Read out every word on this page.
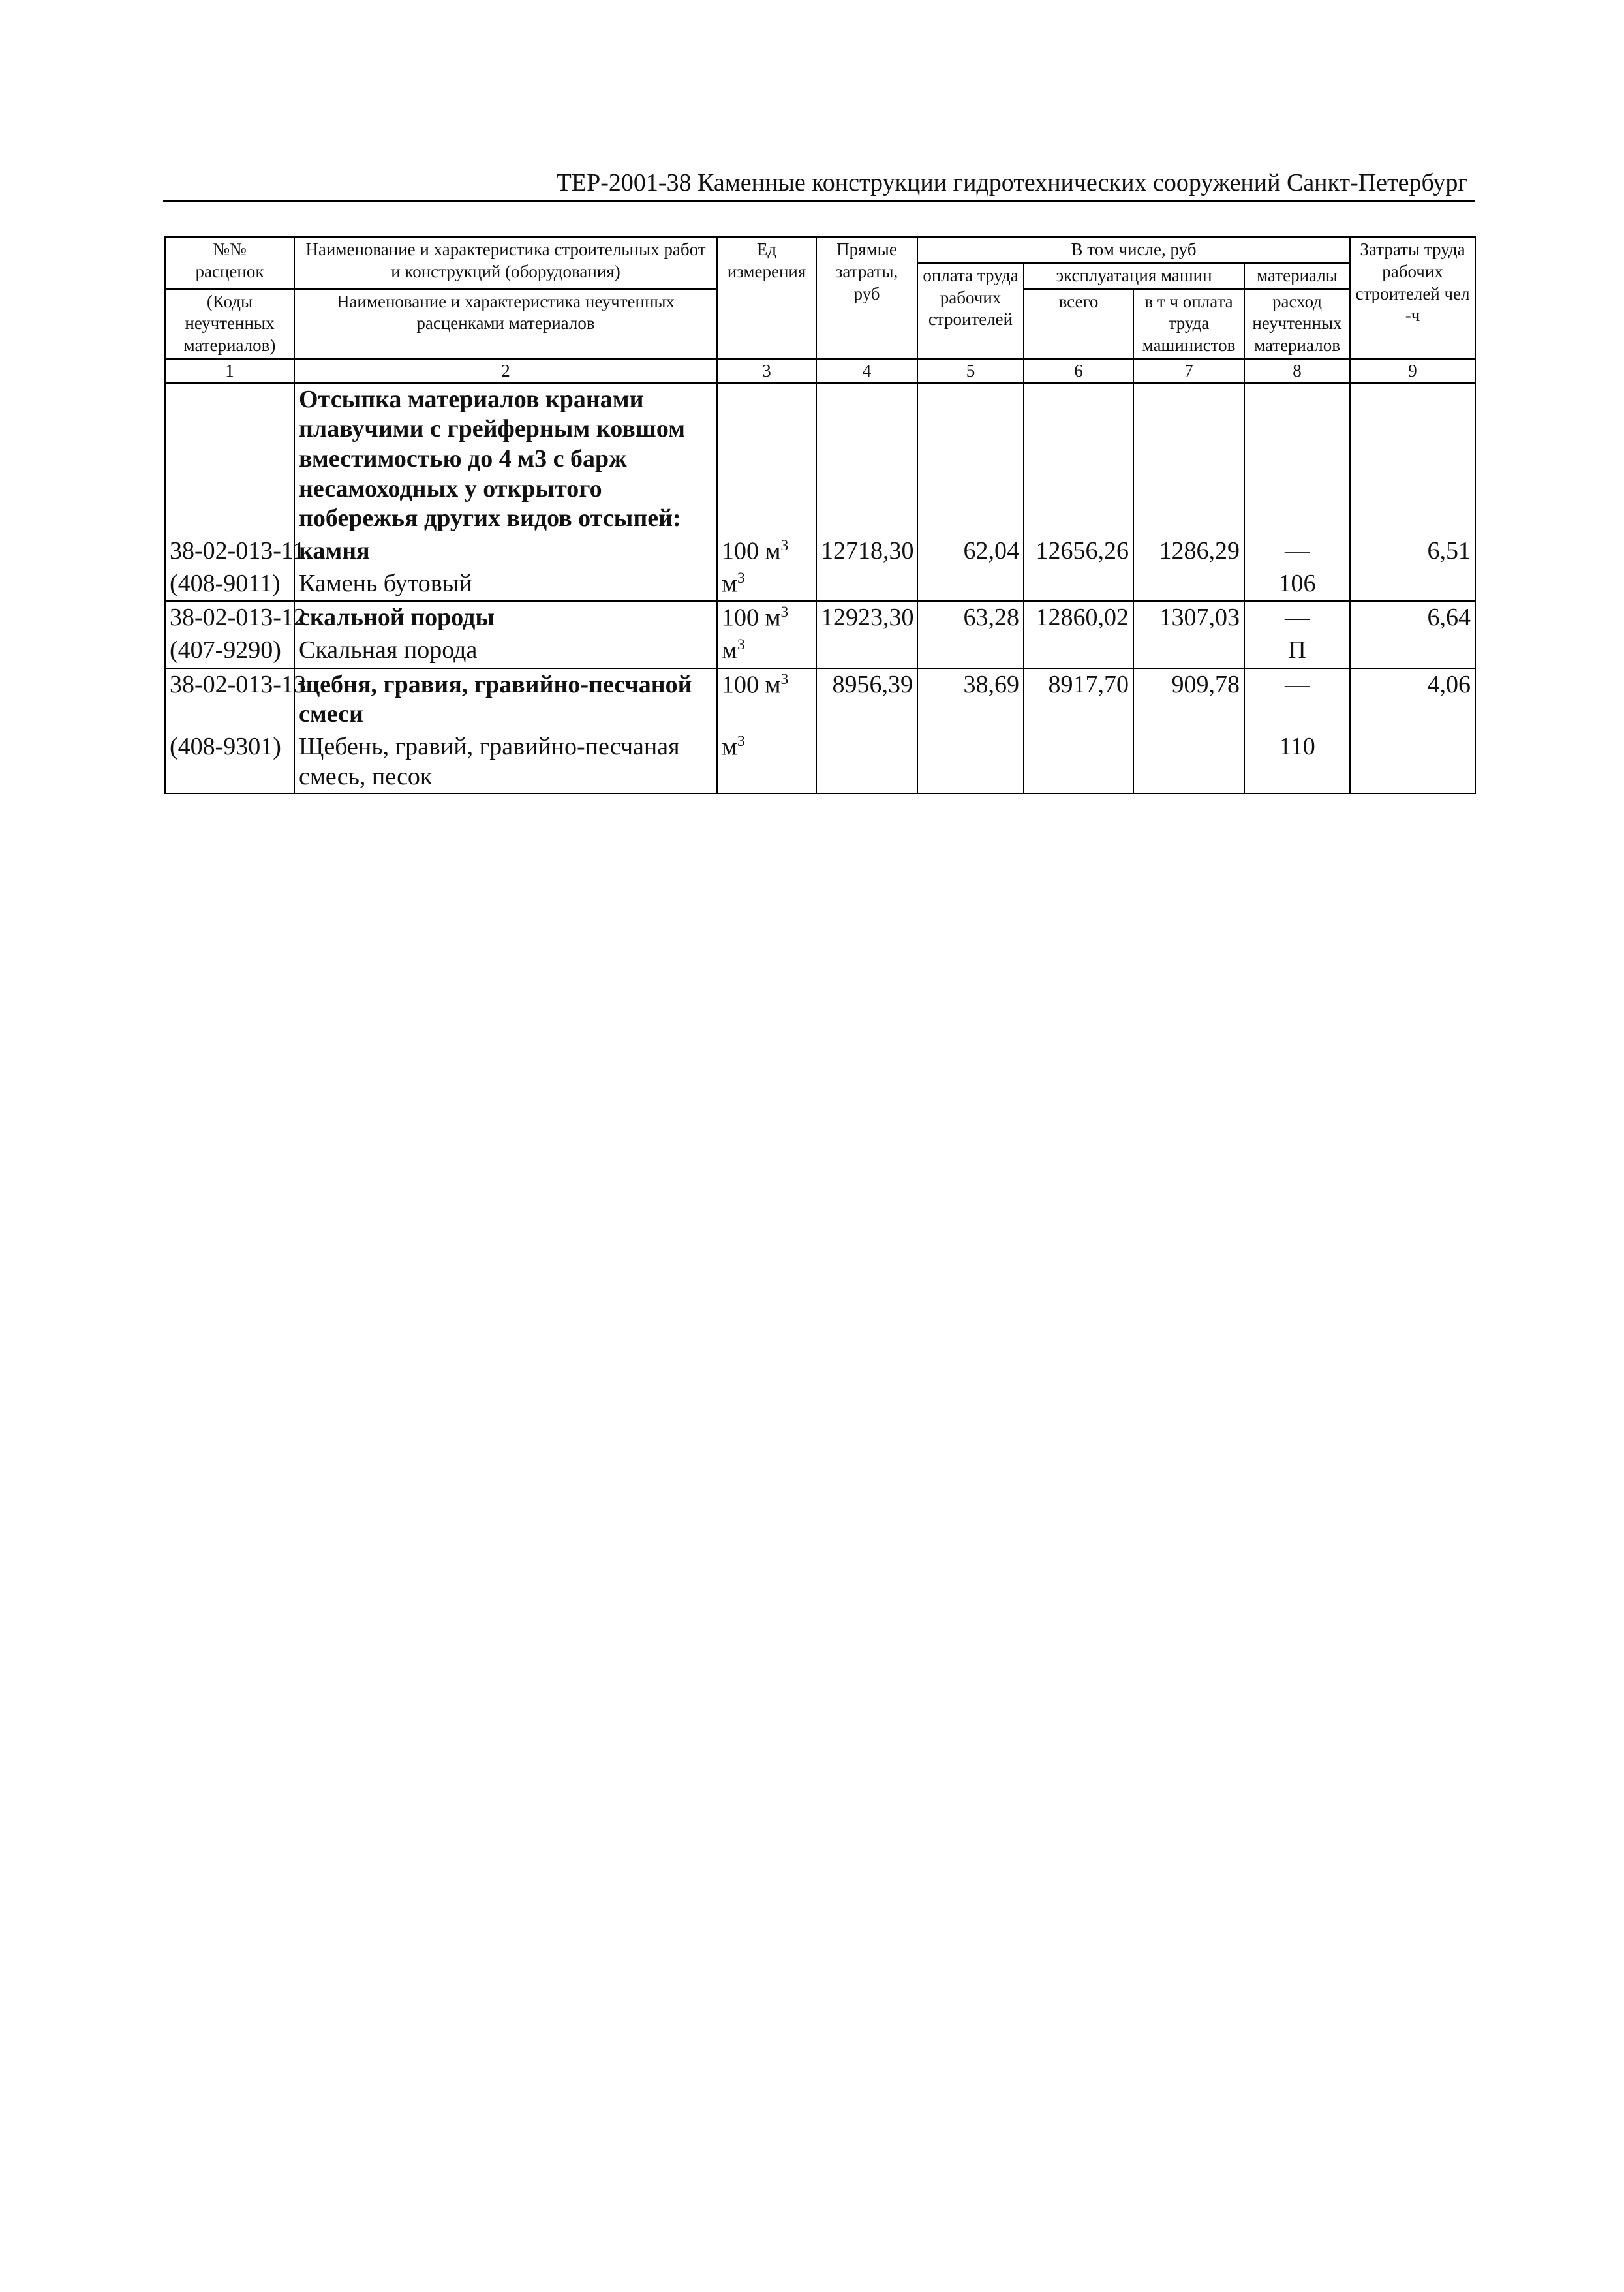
ТЕР-2001-38 Каменные конструкции гидротехнических сооружений Санкт-Петербург
№№
расценок	Наименование и характеристика строительных работ и конструкций (оборудования)	Ед измерения	Прямые затраты, руб	В том числе, руб				Затраты труда рабочих строителей чел -ч
				оплата труда рабочих строителей	эксплуатация машин		материалы	
(Коды неучтенных материалов)	Наименование и характеристика неучтенных расценками материалов				всего	в т ч оплата труда машинистов	расход неучтенных материалов	
1	2	3	4	5	6	7	8	9
	Отсыпка материалов кранами плавучими с грейферным ковшом вместимостью до 4 м3 с барж несамоходных у открытого побережья других видов отсыпей:							
38-02-013-11	камня	100 $м^3$	12718,30	62,04	12656,26	1286,29	—	6,51
(408-9011)	Камень бутовый	$м^3$					106	
38-02-013-12	скальной породы	100 $м^3$	12923,30	63,28	12860,02	1307,03	—	6,64
(407-9290)	Скальная порода	$м^3$					П	
38-02-013-13	щебня, гравия, гравийно-песчаной смеси	100 $м^3$	8956,39	38,69	8917,70	909,78	—	4,06
(408-9301)	Щебень, гравий, гравийно-песчаная смесь, песок	$м^3$					110	
